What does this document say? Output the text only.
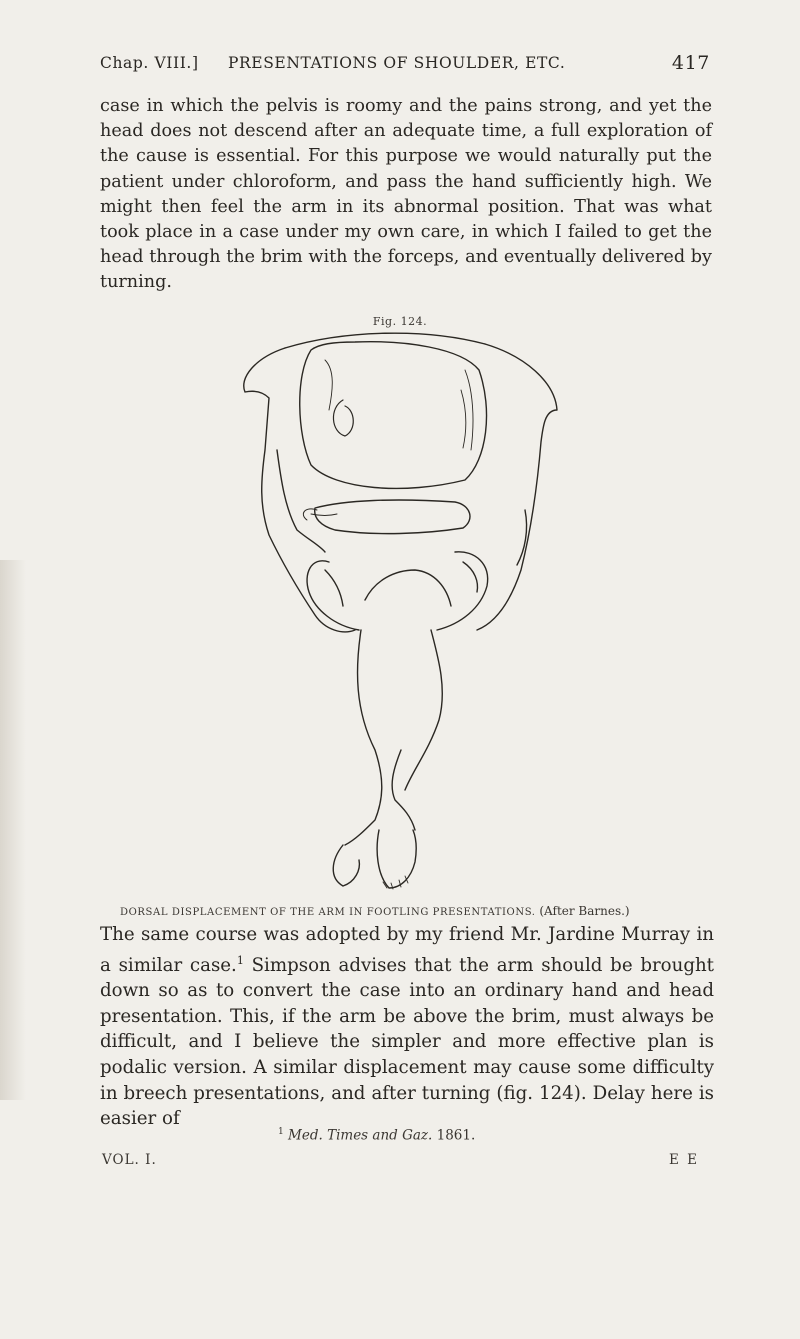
Chap. VIII.] PRESENTATIONS OF SHOULDER, ETC.	417

case in which the pelvis is roomy and the pains strong, and yet the head does not descend after an adequate time, a full exploration of the cause is essential. For this purpose we would naturally put the patient under chloroform, and pass the hand sufficiently high. We might then feel the arm in its abnormal position. That was what took place in a case under my own care, in which I failed to get the head through the brim with the forceps, and eventually delivered by turning.

Fig. 124.
DORSAL DISPLACEMENT OF THE ARM IN FOOTLING PRESENTATIONS. (After Barnes.)

The same course was adopted by my friend Mr. Jardine Murray in a similar case.$^1$ Simpson advises that the arm should be brought down so as to convert the case into an ordinary hand and head presentation. This, if the arm be above the brim, must always be difficult, and I believe the simpler and more effective plan is podalic version. A similar displacement may cause some difficulty in breech presentations, and after turning (fig. 124). Delay here is easier of

$^1$ Med. Times and Gaz. 1861.
VOL. I.	E E
